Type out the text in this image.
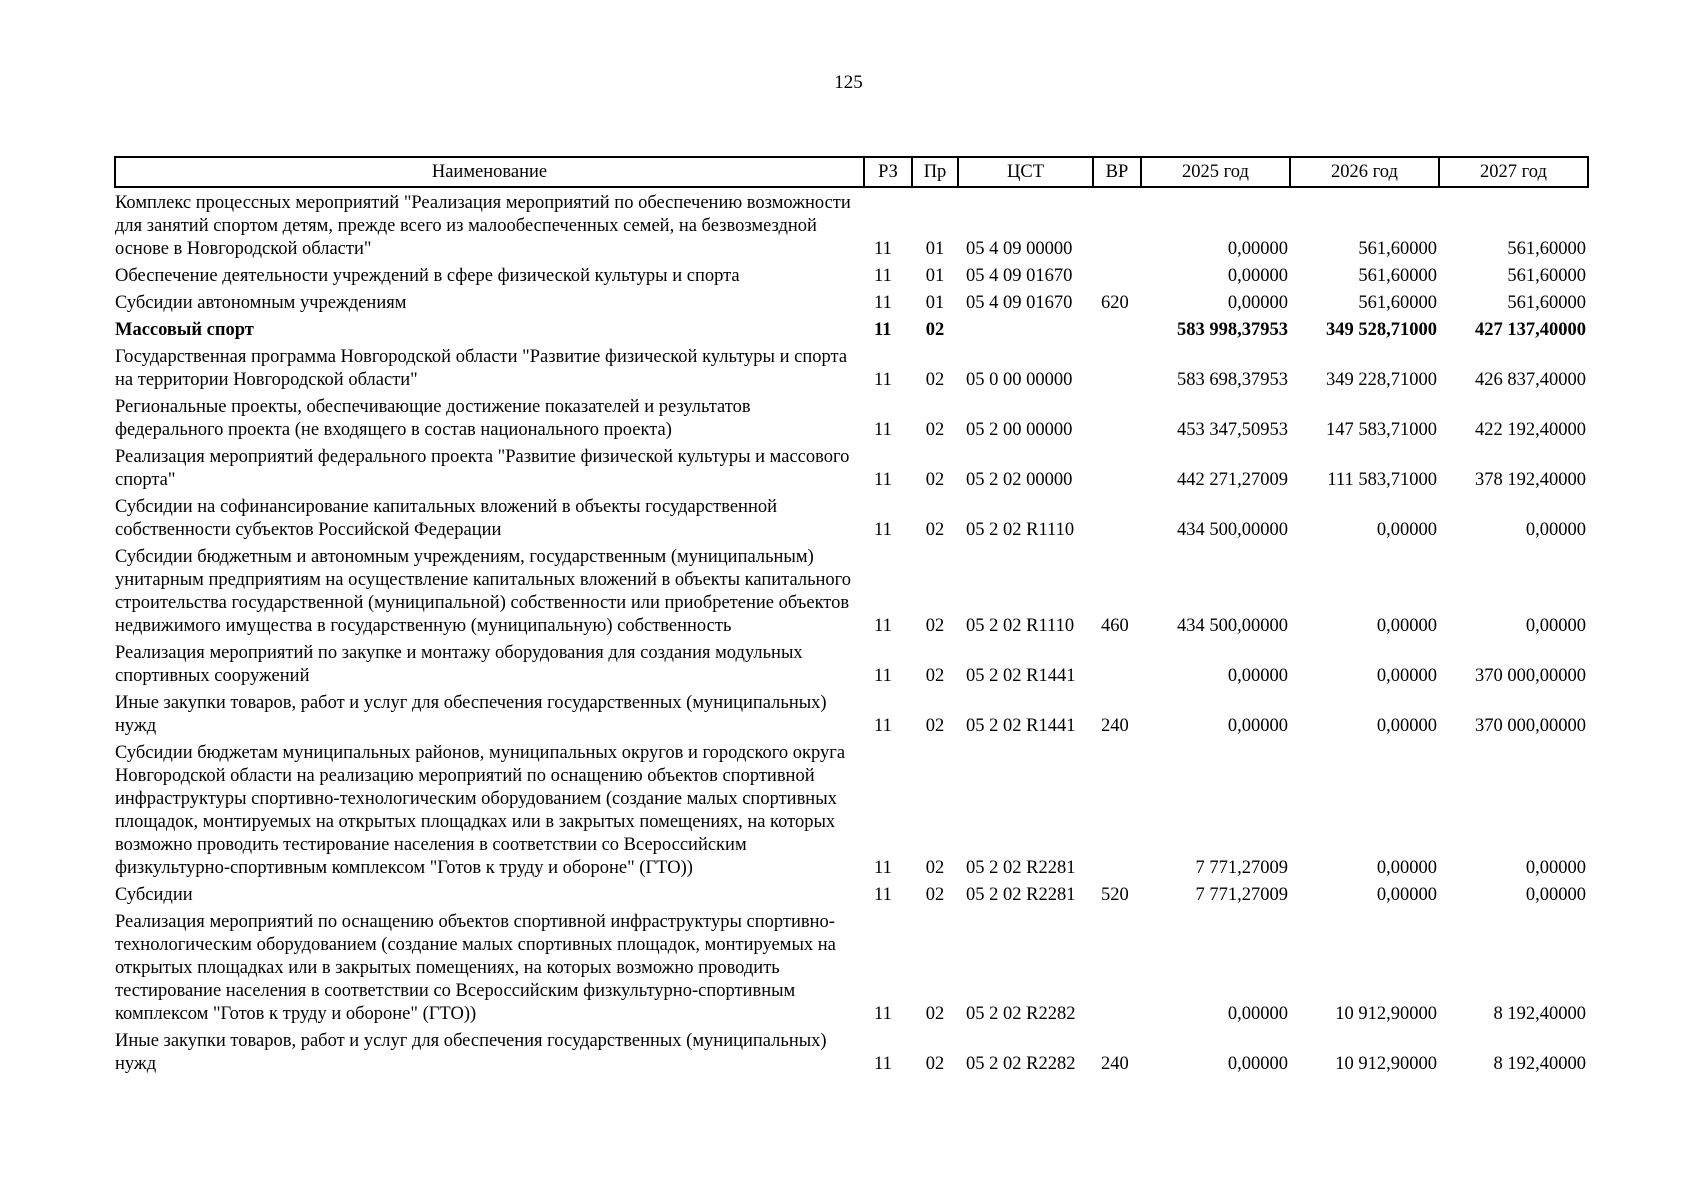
125
Наименование	РЗ	Пр	ЦСТ	ВР	2025 год	2026 год	2027 год
Комплекс процессных мероприятий "Реализация мероприятий по обеспечению возможности для занятий спортом детям, прежде всего из малообеспеченных семей, на безвозмездной основе в Новгородской области"	11	01	05 4 09 00000		0,00000	561,60000	561,60000
Обеспечение деятельности учреждений в сфере физической культуры и спорта	11	01	05 4 09 01670		0,00000	561,60000	561,60000
Субсидии автономным учреждениям	11	01	05 4 09 01670	620	0,00000	561,60000	561,60000
Массовый спорт	11	02			583 998,37953	349 528,71000	427 137,40000
Государственная программа Новгородской области "Развитие физической культуры и спорта на территории Новгородской области"	11	02	05 0 00 00000		583 698,37953	349 228,71000	426 837,40000
Региональные проекты, обеспечивающие достижение показателей и результатов федерального проекта (не входящего в состав национального проекта)	11	02	05 2 00 00000		453 347,50953	147 583,71000	422 192,40000
Реализация мероприятий федерального проекта "Развитие физической культуры и массового спорта"	11	02	05 2 02 00000		442 271,27009	111 583,71000	378 192,40000
Субсидии на софинансирование капитальных вложений в объекты государственной собственности субъектов Российской Федерации	11	02	05 2 02 R1110		434 500,00000	0,00000	0,00000
Субсидии бюджетным и автономным учреждениям, государственным (муниципальным) унитарным предприятиям на осуществление капитальных вложений в объекты капитального строительства государственной (муниципальной) собственности или приобретение объектов недвижимого имущества в государственную (муниципальную) собственность	11	02	05 2 02 R1110	460	434 500,00000	0,00000	0,00000
Реализация мероприятий по закупке и монтажу оборудования для создания модульных спортивных сооружений	11	02	05 2 02 R1441		0,00000	0,00000	370 000,00000
Иные закупки товаров, работ и услуг для обеспечения государственных (муниципальных) нужд	11	02	05 2 02 R1441	240	0,00000	0,00000	370 000,00000
Субсидии бюджетам муниципальных районов, муниципальных округов и городского округа Новгородской области на реализацию мероприятий по оснащению объектов спортивной инфраструктуры спортивно-технологическим оборудованием (создание малых спортивных площадок, монтируемых на открытых площадках или в закрытых помещениях, на которых возможно проводить тестирование населения в соответствии со Всероссийским физкультурно-спортивным комплексом "Готов к труду и обороне" (ГТО))	11	02	05 2 02 R2281		7 771,27009	0,00000	0,00000
Субсидии	11	02	05 2 02 R2281	520	7 771,27009	0,00000	0,00000
Реализация мероприятий по оснащению объектов спортивной инфраструктуры спортивно-технологическим оборудованием (создание малых спортивных площадок, монтируемых на открытых площадках или в закрытых помещениях, на которых возможно проводить тестирование населения в соответствии со Всероссийским физкультурно-спортивным комплексом "Готов к труду и обороне" (ГТО))	11	02	05 2 02 R2282		0,00000	10 912,90000	8 192,40000
Иные закупки товаров, работ и услуг для обеспечения государственных (муниципальных) нужд	11	02	05 2 02 R2282	240	0,00000	10 912,90000	8 192,40000
